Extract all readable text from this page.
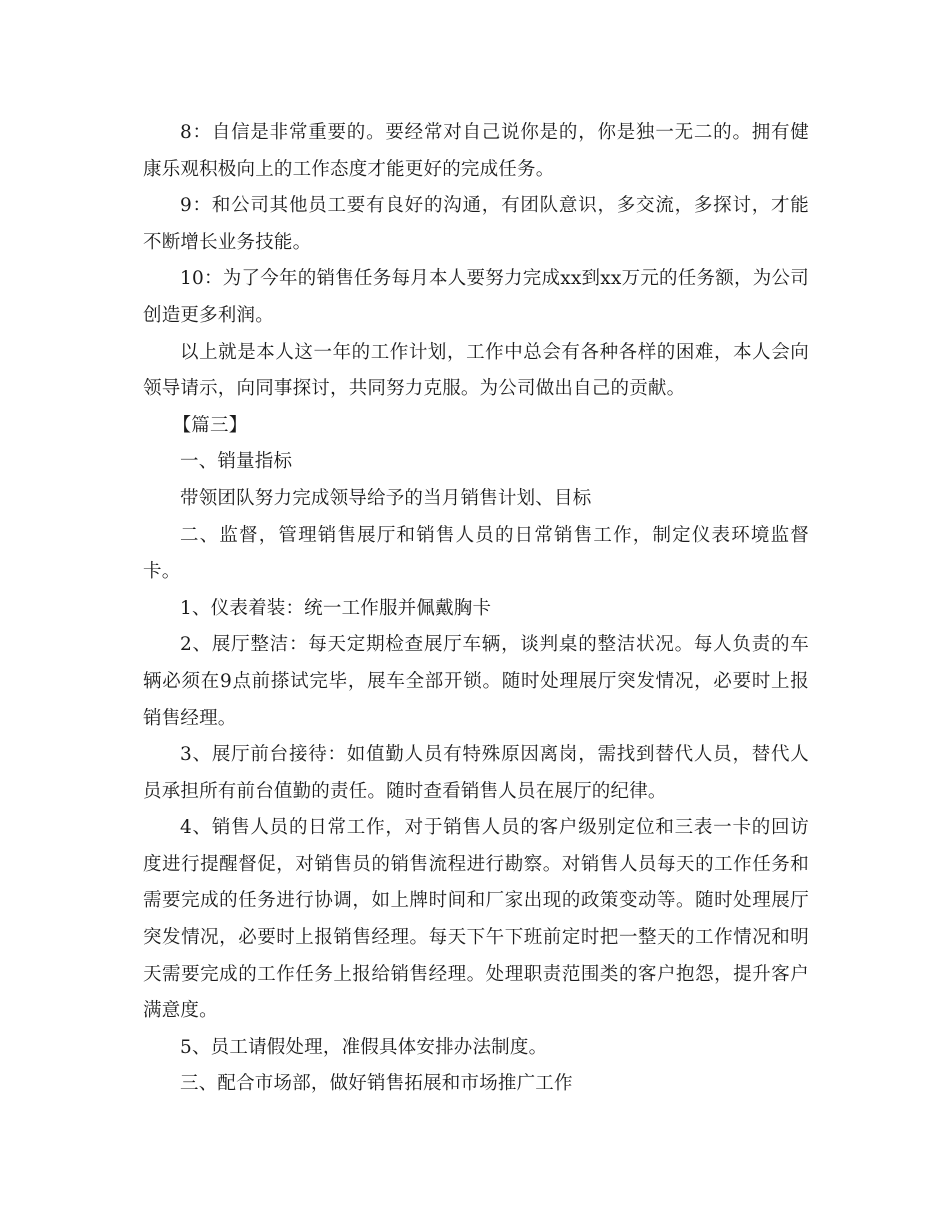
8：自信是非常重要的。要经常对自己说你是的，你是独一无二的。拥有健康乐观积极向上的工作态度才能更好的完成任务。

9：和公司其他员工要有良好的沟通，有团队意识，多交流，多探讨，才能不断增长业务技能。

10：为了今年的销售任务每月本人要努力完成xx到xx万元的任务额，为公司创造更多利润。

以上就是本人这一年的工作计划，工作中总会有各种各样的困难，本人会向领导请示，向同事探讨，共同努力克服。为公司做出自己的贡献。

【篇三】

一、销量指标

带领团队努力完成领导给予的当月销售计划、目标

二、监督，管理销售展厅和销售人员的日常销售工作，制定仪表环境监督卡。

1、仪表着装：统一工作服并佩戴胸卡

2、展厅整洁：每天定期检查展厅车辆，谈判桌的整洁状况。每人负责的车辆必须在9点前搽试完毕，展车全部开锁。随时处理展厅突发情况，必要时上报销售经理。

3、展厅前台接待：如值勤人员有特殊原因离岗，需找到替代人员，替代人员承担所有前台值勤的责任。随时查看销售人员在展厅的纪律。

4、销售人员的日常工作，对于销售人员的客户级别定位和三表一卡的回访度进行提醒督促，对销售员的销售流程进行勘察。对销售人员每天的工作任务和需要完成的任务进行协调，如上牌时间和厂家出现的政策变动等。随时处理展厅突发情况，必要时上报销售经理。每天下午下班前定时把一整天的工作情况和明天需要完成的工作任务上报给销售经理。处理职责范围类的客户抱怨，提升客户满意度。

5、员工请假处理，准假具体安排办法制度。

三、配合市场部，做好销售拓展和市场推广工作
